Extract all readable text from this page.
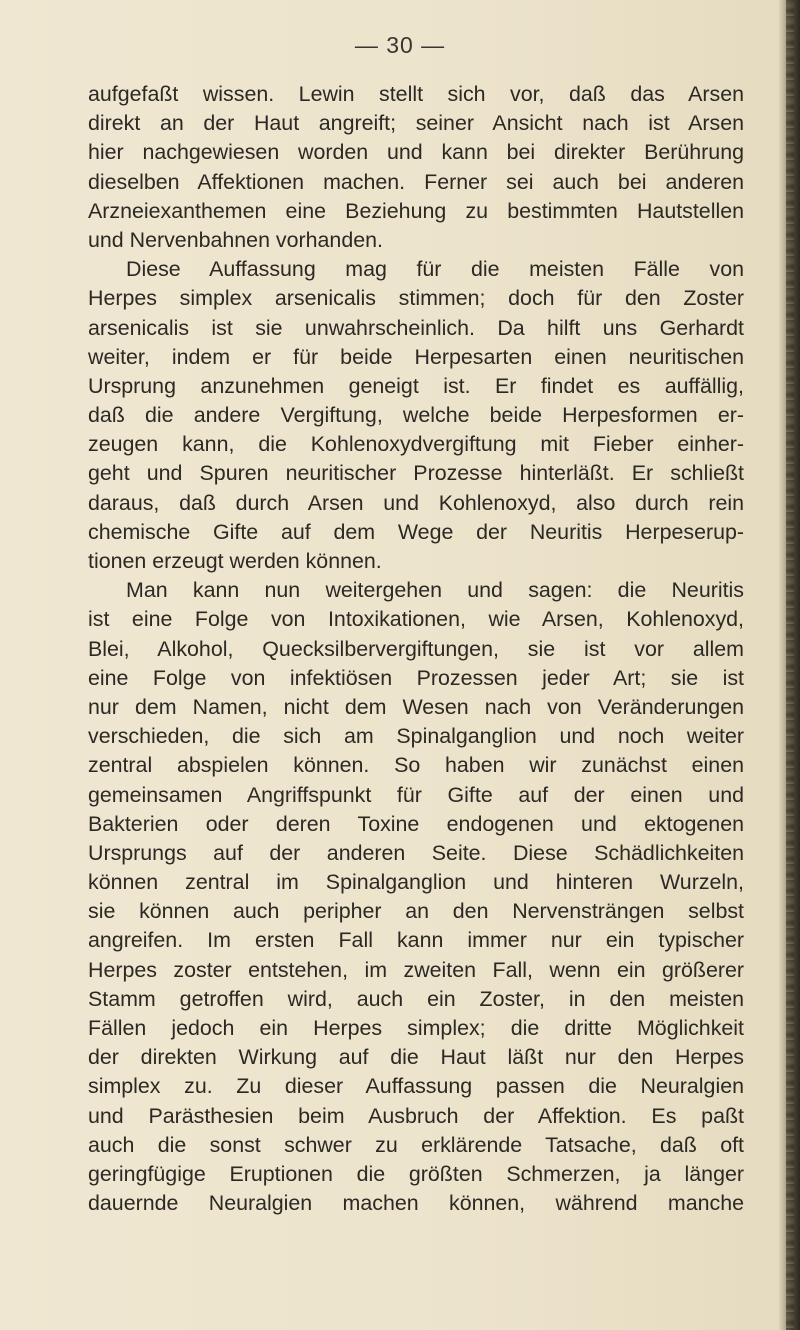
— 30 —
aufgefaßt wissen. Lewin stellt sich vor, daß das Arsen
direkt an der Haut angreift; seiner Ansicht nach ist Arsen
hier nachgewiesen worden und kann bei direkter Berührung
dieselben Affektionen machen. Ferner sei auch bei anderen
Arzneiexanthemen eine Beziehung zu bestimmten Hautstellen
und Nervenbahnen vorhanden.
Diese Auffassung mag für die meisten Fälle von
Herpes simplex arsenicalis stimmen; doch für den Zoster
arsenicalis ist sie unwahrscheinlich. Da hilft uns Gerhardt
weiter, indem er für beide Herpesarten einen neuritischen
Ursprung anzunehmen geneigt ist. Er findet es auffällig,
daß die andere Vergiftung, welche beide Herpesformen er-
zeugen kann, die Kohlenoxydvergiftung mit Fieber einher-
geht und Spuren neuritischer Prozesse hinterläßt. Er schließt
daraus, daß durch Arsen und Kohlenoxyd, also durch rein
chemische Gifte auf dem Wege der Neuritis Herpeserup-
tionen erzeugt werden können.
Man kann nun weitergehen und sagen: die Neuritis
ist eine Folge von Intoxikationen, wie Arsen, Kohlenoxyd,
Blei, Alkohol, Quecksilbervergiftungen, sie ist vor allem
eine Folge von infektiösen Prozessen jeder Art; sie ist
nur dem Namen, nicht dem Wesen nach von Veränderungen
verschieden, die sich am Spinalganglion und noch weiter
zentral abspielen können. So haben wir zunächst einen
gemeinsamen Angriffspunkt für Gifte auf der einen und
Bakterien oder deren Toxine endogenen und ektogenen
Ursprungs auf der anderen Seite. Diese Schädlichkeiten
können zentral im Spinalganglion und hinteren Wurzeln,
sie können auch peripher an den Nervensträngen selbst
angreifen. Im ersten Fall kann immer nur ein typischer
Herpes zoster entstehen, im zweiten Fall, wenn ein größerer
Stamm getroffen wird, auch ein Zoster, in den meisten
Fällen jedoch ein Herpes simplex; die dritte Möglichkeit
der direkten Wirkung auf die Haut läßt nur den Herpes
simplex zu. Zu dieser Auffassung passen die Neuralgien
und Parästhesien beim Ausbruch der Affektion. Es paßt
auch die sonst schwer zu erklärende Tatsache, daß oft
geringfügige Eruptionen die größten Schmerzen, ja länger
dauernde Neuralgien machen können, während manche
